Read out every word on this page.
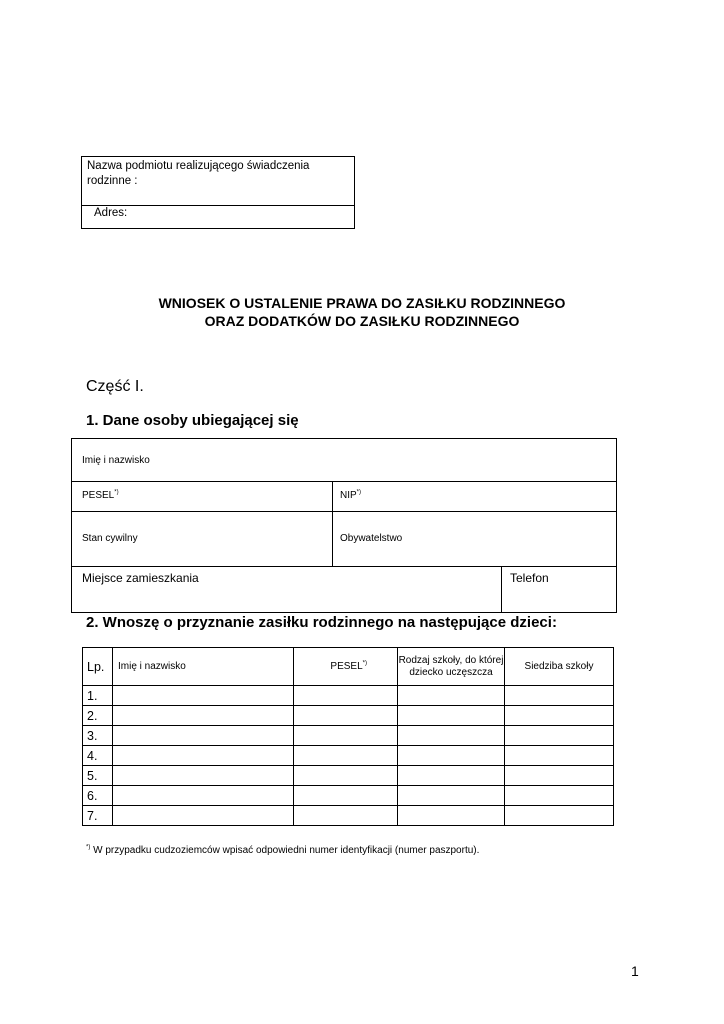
Nazwa podmiotu realizującego świadczenia rodzinne :
Adres:
WNIOSEK O USTALENIE PRAWA DO ZASIŁKU RODZINNEGO
ORAZ DODATKÓW DO ZASIŁKU RODZINNEGO
Część I.
1. Dane osoby ubiegającej się
Imię i nazwisko
PESEL*)	NIP*)
Stan cywilny	Obywatelstwo
Miejsce zamieszkania	Telefon
2. Wnoszę o przyznanie zasiłku rodzinnego na następujące dzieci:
Lp.	Imię i nazwisko	PESEL*)	Rodzaj szkoły, do której dziecko uczęszcza	Siedziba szkoły
1.				
2.				
3.				
4.				
5.				
6.				
7.				
*) W przypadku cudzoziemców wpisać odpowiedni numer identyfikacji (numer paszportu).
1
